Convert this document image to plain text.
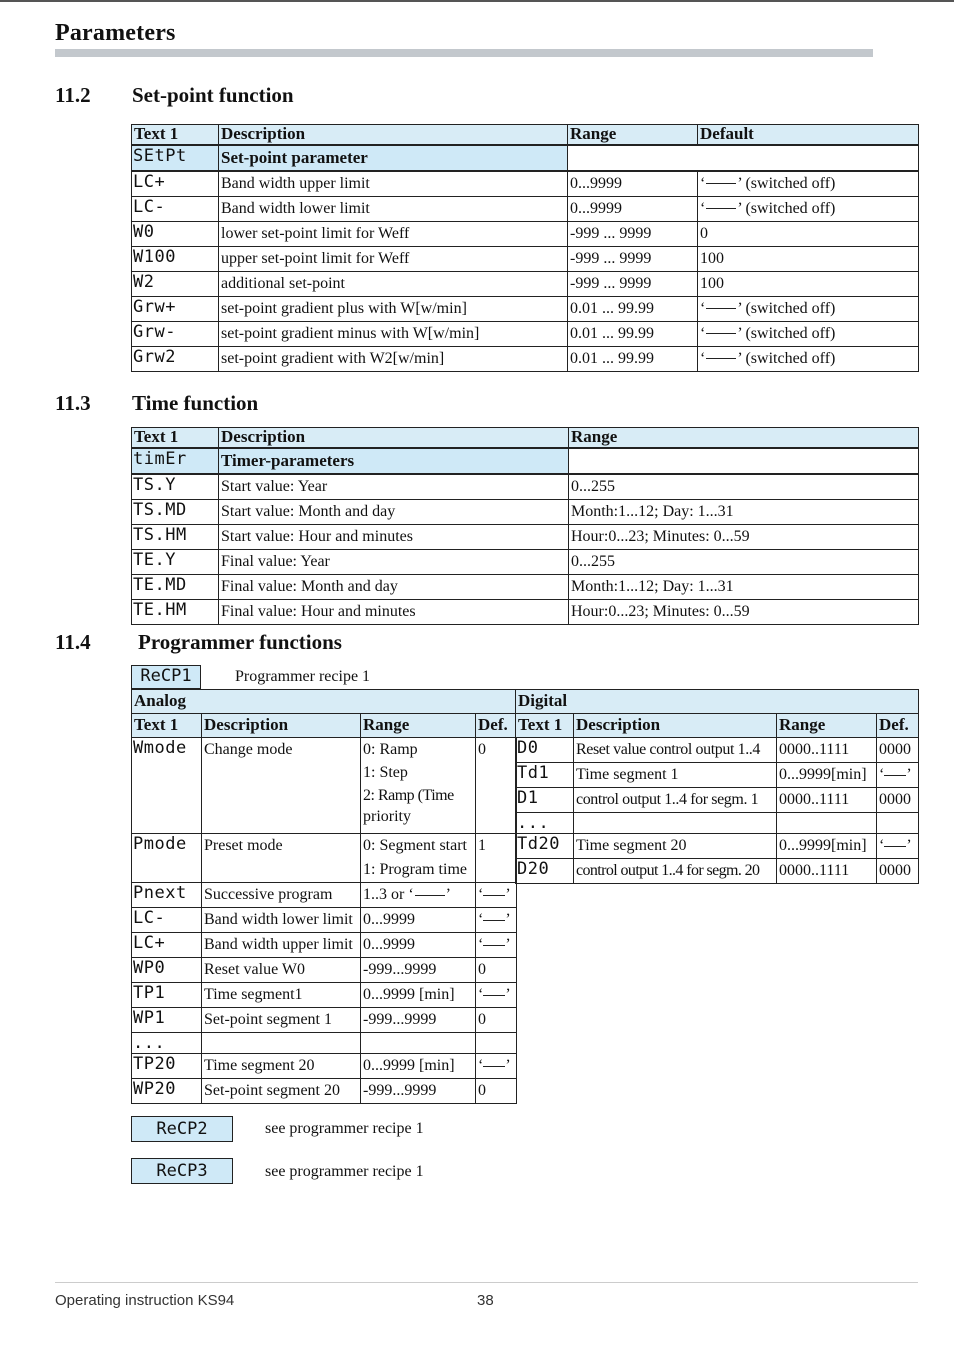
Parameters
11.2 Set-point function
Text 1	Description	Range	Default
SEtPt	Set-point parameter		
LC+	Band width upper limit	0...9999	‘ ’ (switched off)
LC-	Band width lower limit	0...9999	‘ ’ (switched off)
W0	lower set-point limit for Weff	-999 ... 9999	0
W100	upper set-point limit for Weff	-999 ... 9999	100
W2	additional set-point	-999 ... 9999	100
Grw+	set-point gradient plus with W[w/min]	0.01 ... 99.99	‘ ’ (switched off)
Grw-	set-point gradient minus with W[w/min]	0.01 ... 99.99	‘ ’ (switched off)
Grw2	set-point gradient with W2[w/min]	0.01 ... 99.99	‘ ’ (switched off)
11.3 Time function
Text 1	Description	Range
timEr	Timer-parameters	
TS.Y	Start value: Year	0...255
TS.MD	Start value: Month and day	Month:1...12; Day: 1...31
TS.HM	Start value: Hour and minutes	Hour:0...23; Minutes: 0...59
TE.Y	Final value: Year	0...255
TE.MD	Final value: Month and day	Month:1...12; Day: 1...31
TE.HM	Final value: Hour and minutes	Hour:0...23; Minutes: 0...59
11.4 Programmer functions
ReCP1	Programmer recipe 1
Analog			
Text 1	Description	Range	Def.
Wmode	Change mode	0: Ramp
1: Step
2: Ramp (Time
priority	0
Pmode	Preset mode	0: Segment start
1: Program time	1
Pnext	Successive program	1..3 or ‘ ’	‘ ’
LC-	Band width lower limit	0...9999	‘ ’
LC+	Band width upper limit	0...9999	‘ ’
WP0	Reset value W0	-999...9999	0
TP1	Time segment1	0...9999 [min]	‘ ’
WP1	Set-point segment 1	-999...9999	0
...			
TP20	Time segment 20	0...9999 [min]	‘ ’
WP20	Set-point segment 20	-999...9999	0
Digital			
Text 1	Description	Range	Def.
D0	Reset value control output 1..4	0000..1111	0000
Td1	Time segment 1	0...9999[min]	‘ ’
D1	control output 1..4 for segm. 1	0000..1111	0000
...			
Td20	Time segment 20	0...9999[min]	‘ ’
D20	control output 1..4 for segm. 20	0000..1111	0000
ReCP2	see programmer recipe 1
ReCP3	see programmer recipe 1
Operating instruction KS94	38
